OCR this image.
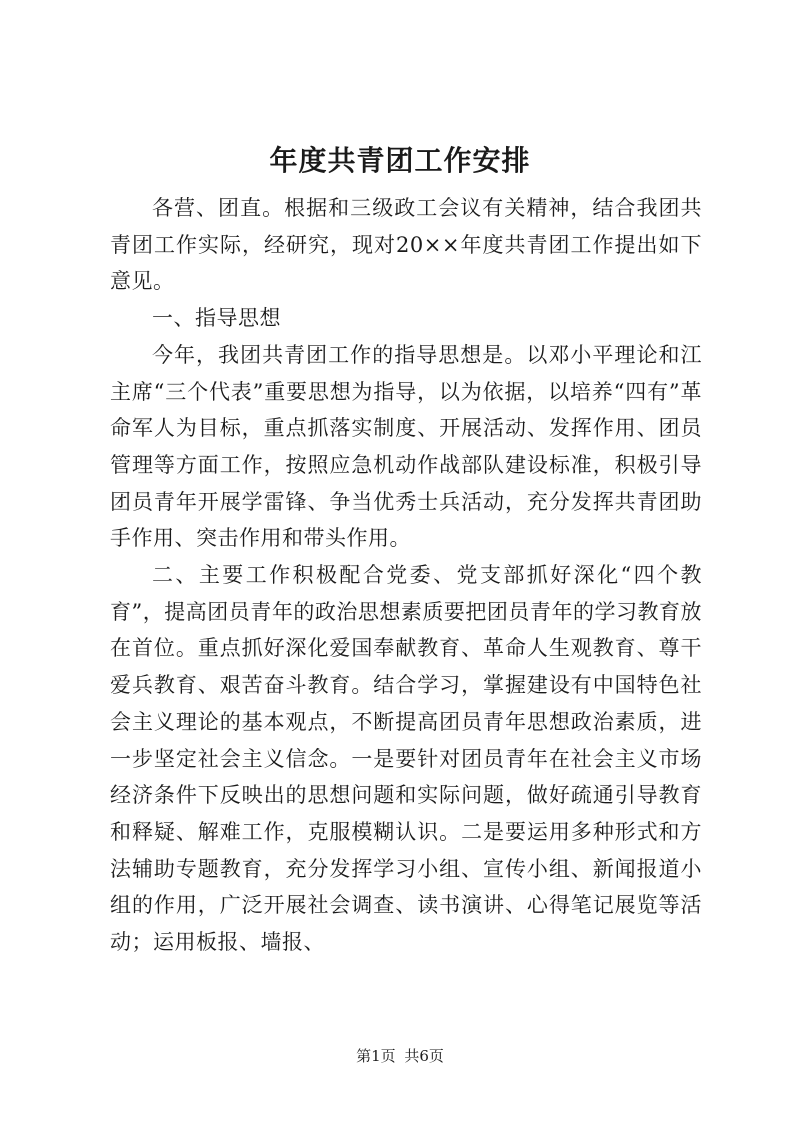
年度共青团工作安排

各营、团直。根据和三级政工会议有关精神，结合我团共青团工作实际，经研究，现对20××年度共青团工作提出如下意见。

一、指导思想

今年，我团共青团工作的指导思想是。以邓小平理论和江主席“三个代表”重要思想为指导，以为依据，以培养“四有”革命军人为目标，重点抓落实制度、开展活动、发挥作用、团员管理等方面工作，按照应急机动作战部队建设标准，积极引导团员青年开展学雷锋、争当优秀士兵活动，充分发挥共青团助手作用、突击作用和带头作用。

二、主要工作积极配合党委、党支部抓好深化“四个教育”，提高团员青年的政治思想素质要把团员青年的学习教育放在首位。重点抓好深化爱国奉献教育、革命人生观教育、尊干爱兵教育、艰苦奋斗教育。结合学习，掌握建设有中国特色社会主义理论的基本观点，不断提高团员青年思想政治素质，进一步坚定社会主义信念。一是要针对团员青年在社会主义市场经济条件下反映出的思想问题和实际问题，做好疏通引导教育和释疑、解难工作，克服模糊认识。二是要运用多种形式和方法辅助专题教育，充分发挥学习小组、宣传小组、新闻报道小组的作用，广泛开展社会调查、读书演讲、心得笔记展览等活动；运用板报、墙报、

第1页 共6页
